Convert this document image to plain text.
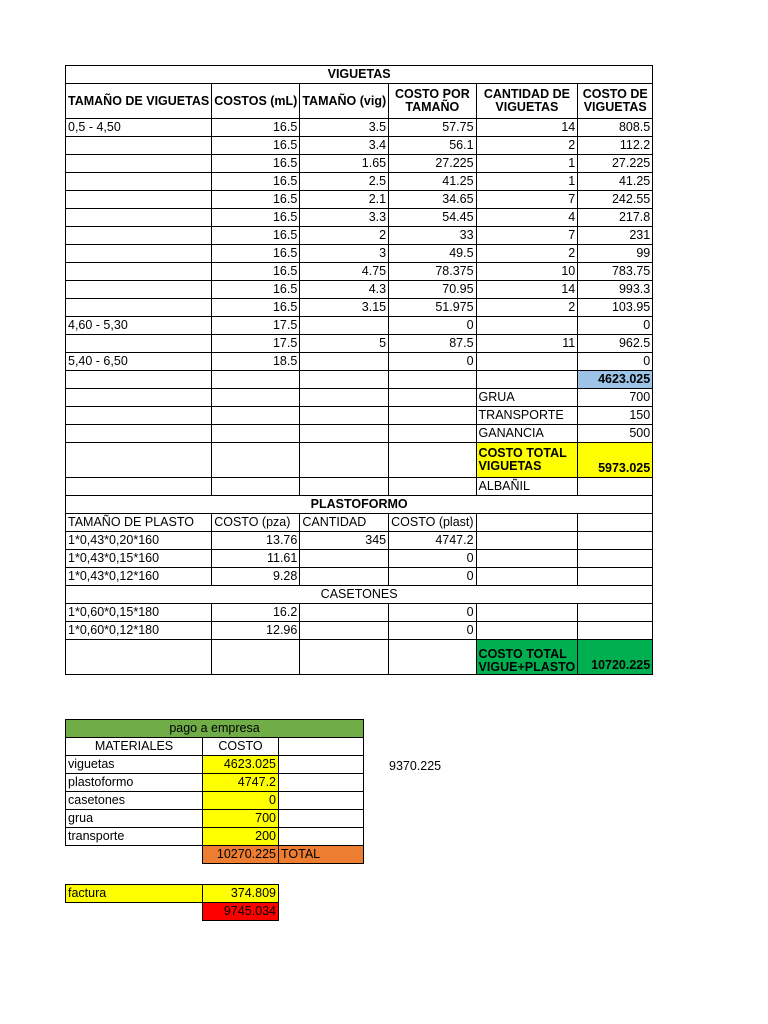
VIGUETAS					
TAMAÑO DE VIGUETAS	COSTOS (mL)	TAMAÑO (vig)	COSTO POR TAMAÑO	CANTIDAD DE VIGUETAS	COSTO DE VIGUETAS
0,5 - 4,50	16.5	3.5	57.75	14	808.5
	16.5	3.4	56.1	2	112.2
	16.5	1.65	27.225	1	27.225
	16.5	2.5	41.25	1	41.25
	16.5	2.1	34.65	7	242.55
	16.5	3.3	54.45	4	217.8
	16.5	2	33	7	231
	16.5	3	49.5	2	99
	16.5	4.75	78.375	10	783.75
	16.5	4.3	70.95	14	993.3
	16.5	3.15	51.975	2	103.95
4,60 - 5,30	17.5		0		0
	17.5	5	87.5	11	962.5
5,40 - 6,50	18.5		0		0
					4623.025
				GRUA	700
				TRANSPORTE	150
				GANANCIA	500
				COSTO TOTAL VIGUETAS	5973.025
				ALBAÑIL	
PLASTOFORMO					
TAMAÑO DE PLASTO	COSTO (pza)	CANTIDAD	COSTO (plast)		
1*0,43*0,20*160	13.76	345	4747.2		
1*0,43*0,15*160	11.61		0		
1*0,43*0,12*160	9.28		0		
CASETONES					
1*0,60*0,15*180	16.2		0		
1*0,60*0,12*180	12.96		0		
				COSTO TOTAL VIGUE+PLASTO	10720.225
pago a empresa		
MATERIALES	COSTO	
viguetas	4623.025	
plastoformo	4747.2	
casetones	0	
grua	700	
transporte	200	
	10270.225	TOTAL
9370.225
factura	374.809
	9745.034
